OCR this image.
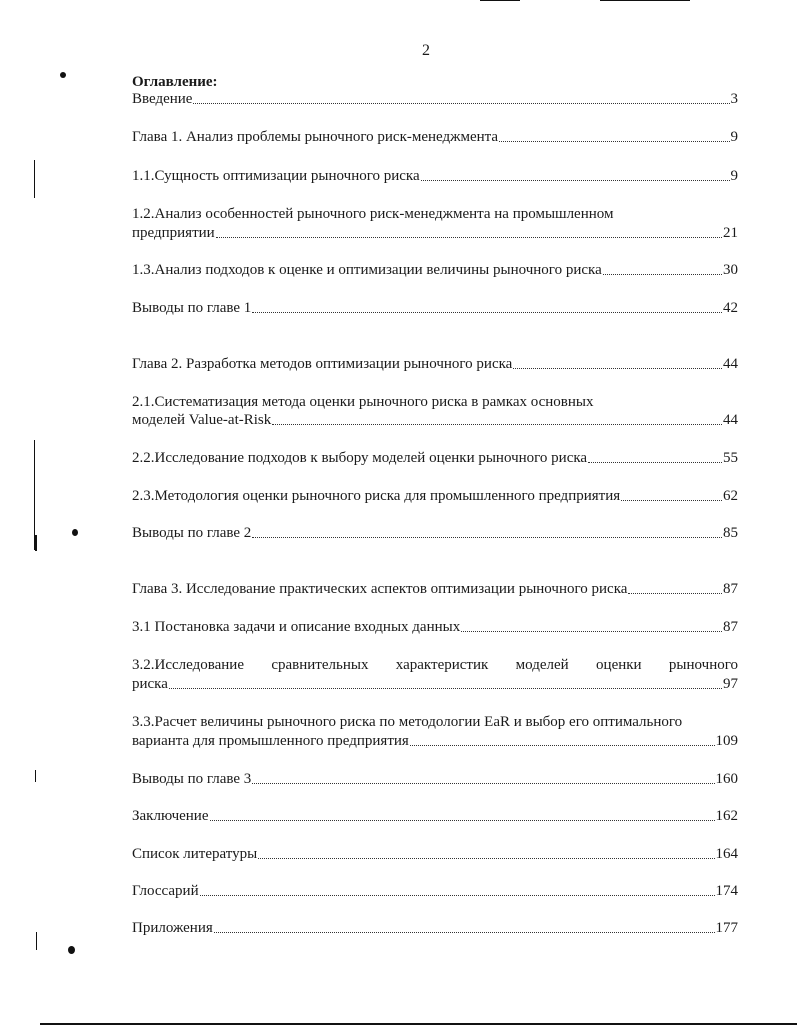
2
Оглавление:
Введение	3
Глава 1. Анализ проблемы рыночного риск-менеджмента	9
1.1.Сущность оптимизации рыночного риска	9
1.2.Анализ особенностей рыночного риск-менеджмента на промышленном
предприятии	21
1.3.Анализ подходов к оценке и оптимизации величины рыночного риска	30
Выводы по главе 1	42
Глава 2. Разработка методов оптимизации рыночного риска	44
2.1.Систематизация метода оценки рыночного риска в рамках основных
моделей Value-at-Risk	44
2.2.Исследование подходов к выбору моделей оценки рыночного риска	55
2.3.Методология оценки рыночного риска для промышленного предприятия	62
Выводы по главе 2	85
Глава 3. Исследование практических аспектов оптимизации рыночного риска	87
3.1 Постановка задачи и описание входных данных	87
3.2.Исследование сравнительных характеристик моделей оценки рыночного
риска	97
3.3.Расчет величины рыночного риска по методологии EaR и выбор его оптимального
варианта для промышленного предприятия	109
Выводы по главе 3	160
Заключение	162
Список литературы	164
Глоссарий	174
Приложения	177
